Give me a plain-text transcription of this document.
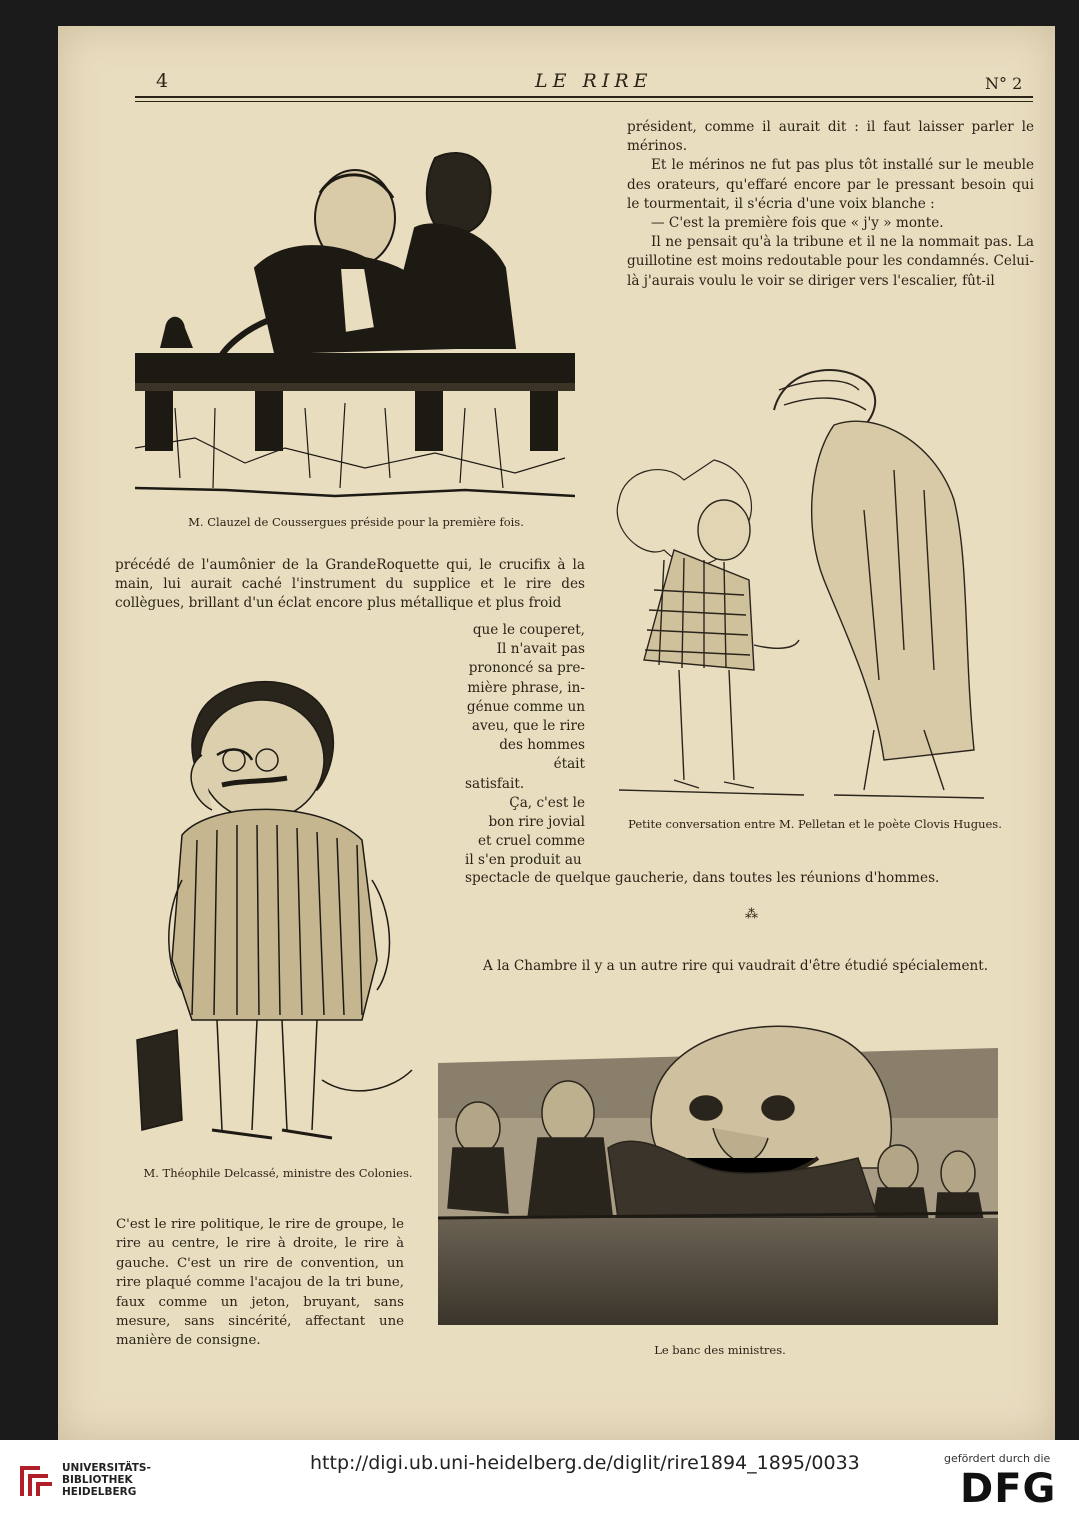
4	LE RIRE	N° 2

président, comme il aurait dit : il faut laisser parler le mérinos.

Et le mérinos ne fut pas plus tôt installé sur le meuble des orateurs, qu'effaré encore par le pressant besoin qui le tourmentait, il s'écria d'une voix blanche :

— C'est la première fois que « j'y » monte.

Il ne pensait qu'à la tribune et il ne la nommait pas. La guillotine est moins redoutable pour les condamnés. Celui-là j'aurais voulu le voir se diriger vers l'escalier, fût-il

M. Clauzel de Coussergues préside pour la première fois.
Petite conversation entre M. Pelletan et le poète Clovis Hugues.
précédé de l'aumônier de la GrandeRoquette qui, le crucifix à la main, lui aurait caché l'instrument du supplice et le rire des collègues, brillant d'un éclat encore plus métallique et plus froid

que le couperet,

Il n'avait pas

prononcé sa pre-

mière phrase, in-

génue comme un

aveu, que le rire

des hommes était

satisfait.

Ça, c'est le

bon rire jovial

et cruel comme

il s'en produit au

spectacle de quelque gaucherie, dans toutes les réunions d'hommes.
⁂
A la Chambre il y a un autre rire qui vaudrait d'être étudié spécialement.
M. Théophile Delcassé, ministre des Colonies.
C'est le rire politique, le rire de groupe, le rire au centre, le rire à droite, le rire à gauche. C'est un rire de convention, un rire plaqué comme l'acajou de la tri bune, faux comme un jeton, bruyant, sans mesure, sans sincérité, affectant une manière de consigne.
Le banc des ministres.
UNIVERSITÄTS-
BIBLIOTHEK
HEIDELBERG
http://digi.ub.uni-heidelberg.de/diglit/rire1894_1895/0033	gefördert durch die
DFG
